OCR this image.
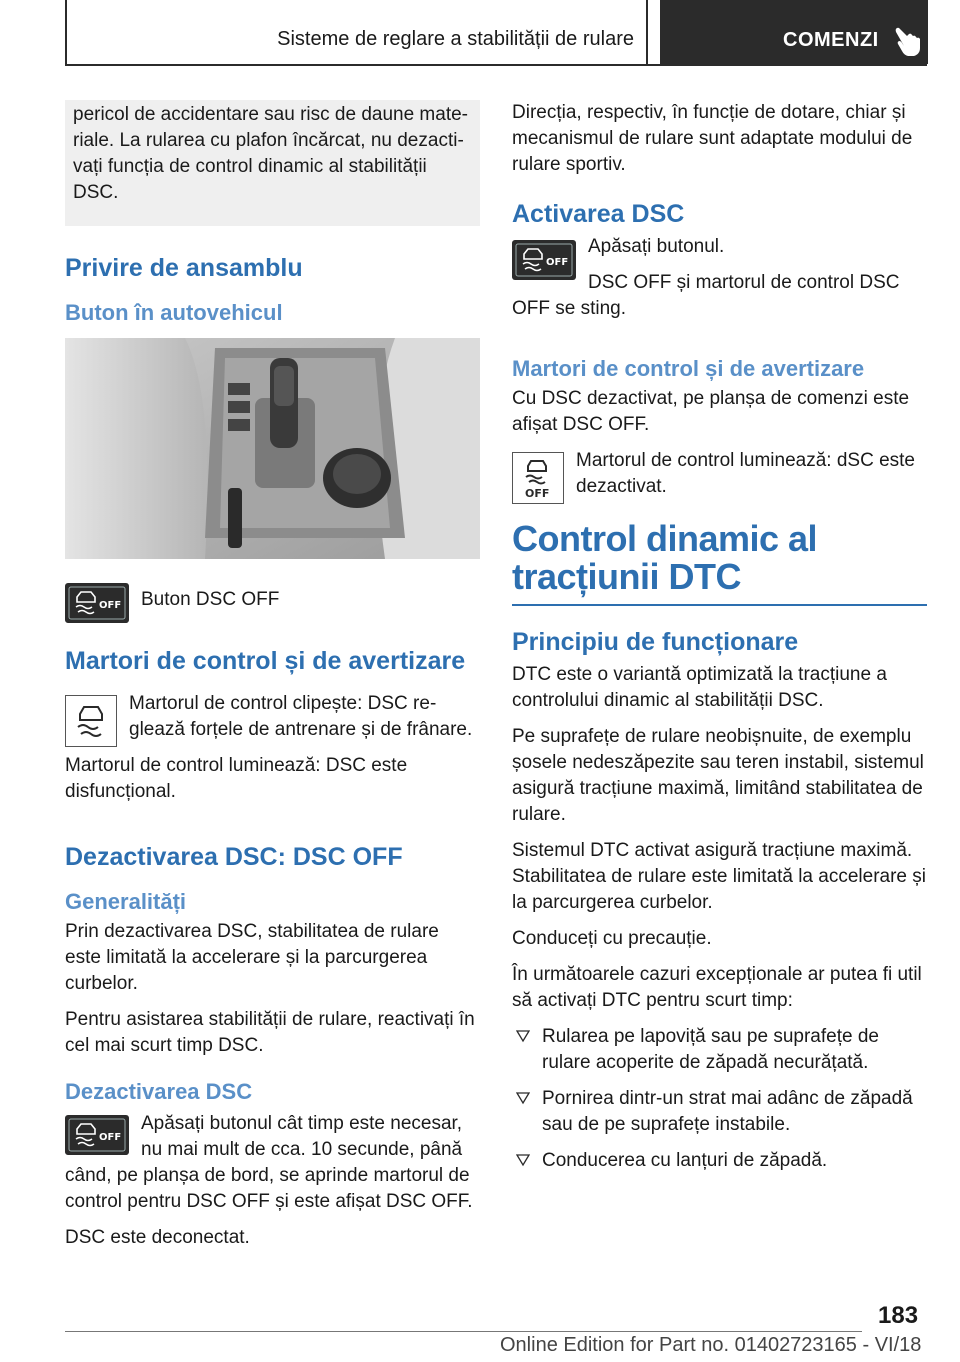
Sisteme de reglare a stabilității de rulare	COMENZI

pericol de accidentare sau risc de daune mate‐

riale. La rularea cu plafon încărcat, nu dezacti‐

vați funcția de control dinamic al stabilității

DSC.

Privire de ansamblu
Buton în autovehicul
OFF	Buton DSC OFF

Martori de control și de avertizare

Martorul de control clipește: DSC re‐glează forțele de antrenare și de frânare.

Martorul de control luminează: DSC este disfuncțional.

Dezactivarea DSC: DSC OFF
Generalități

Prin dezactivarea DSC, stabilitatea de rulare este limitată la accelerare și la parcurgerea curbelor.

Pentru asistarea stabilității de rulare, reactivați în cel mai scurt timp DSC.

Dezactivarea DSC
OFF

Apăsați butonul cât timp este necesar, nu mai mult de cca. 10 secunde, până când, pe planșa de bord, se aprinde martorul de control pentru DSC OFF și este afișat DSC OFF.

DSC este deconectat.

Direcția, respectiv, în funcție de dotare, chiar și mecanismul de rulare sunt adaptate modului de rulare sportiv.

Activarea DSC
OFF

Apăsați butonul.

DSC OFF și martorul de control DSC OFF se sting.

Martori de control și de avertizare

Cu DSC dezactivat, pe planșa de comenzi este afișat DSC OFF.

OFF

Martorul de control luminează: dSC este dezactivat.

Control dinamic al tracțiunii DTC
Principiu de funcționare

DTC este o variantă optimizată la tracțiune a controlului dinamic al stabilității DSC.

Pe suprafețe de rulare neobișnuite, de exemplu șosele nedeszăpezite sau teren instabil, sistemul asigură tracțiune maximă, limitând stabilitatea de rulare.

Sistemul DTC activat asigură tracțiune maximă. Stabilitatea de rulare este limitată la accelerare și la parcurgerea curbelor.

Conduceți cu precauție.

În următoarele cazuri excepționale ar putea fi util să activați DTC pentru scurt timp:

Rularea pe lapoviță sau pe suprafețe de rulare acoperite de zăpadă necurățată.
Pornirea dintr-un strat mai adânc de zăpadă sau de pe suprafețe instabile.
Conducerea cu lanțuri de zăpadă.
183
Online Edition for Part no. 01402723165 - VI/18
